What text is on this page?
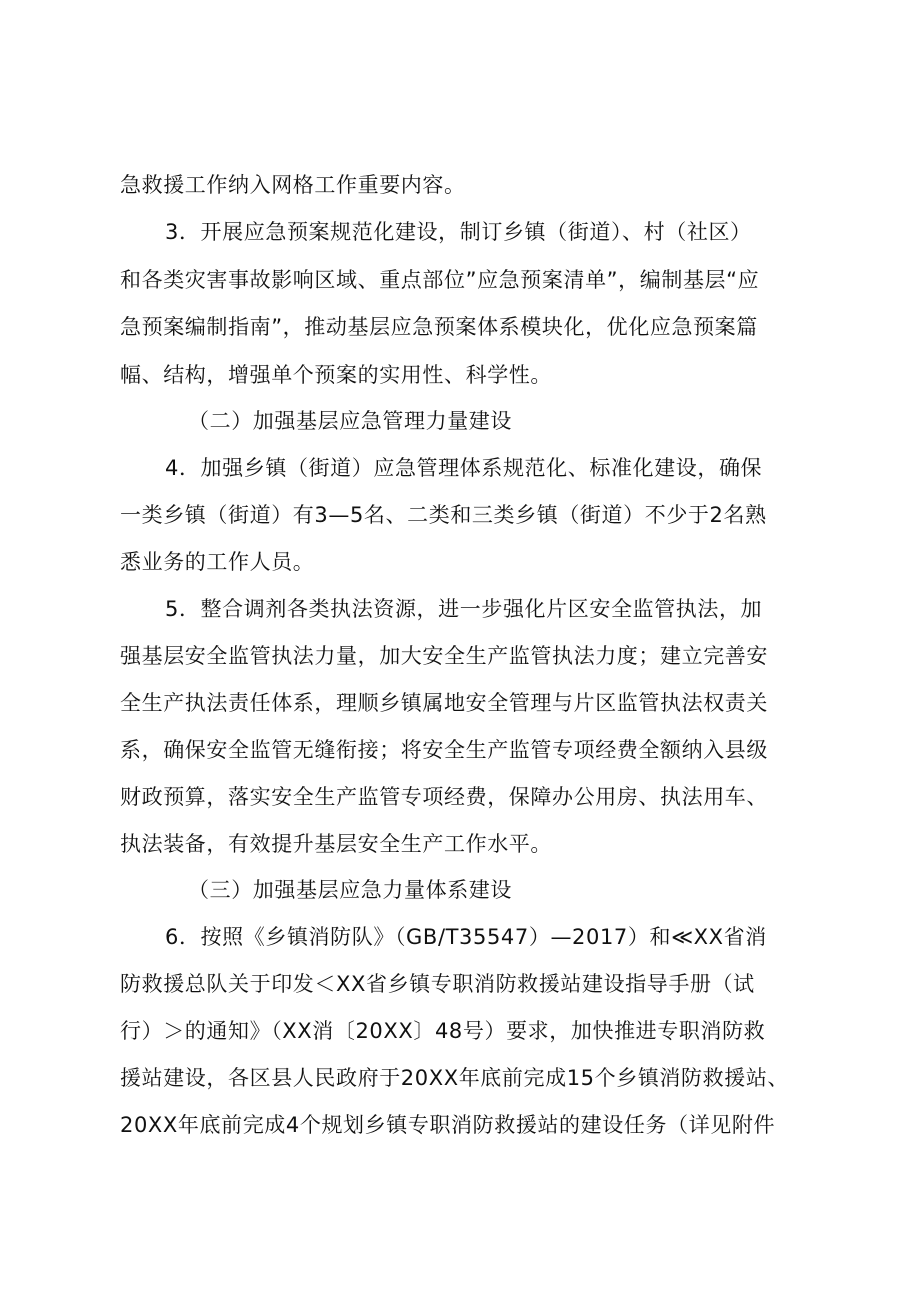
急救援工作纳入网格工作重要内容。
3．开展应急预案规范化建设，制订乡镇（街道）、村（社区）
和各类灾害事故影响区域、重点部位”应急预案清单”，编制基层“应
急预案编制指南”，推动基层应急预案体系模块化，优化应急预案篇
幅、结构，增强单个预案的实用性、科学性。
（二）加强基层应急管理力量建设
4．加强乡镇（街道）应急管理体系规范化、标准化建设，确保
一类乡镇（街道）有3—5名、二类和三类乡镇（街道）不少于2名熟
悉业务的工作人员。
5．整合调剂各类执法资源，进一步强化片区安全监管执法，加
强基层安全监管执法力量，加大安全生产监管执法力度；建立完善安
全生产执法责任体系，理顺乡镇属地安全管理与片区监管执法权责关
系，确保安全监管无缝衔接；将安全生产监管专项经费全额纳入县级
财政预算，落实安全生产监管专项经费，保障办公用房、执法用车、
执法装备，有效提升基层安全生产工作水平。
（三）加强基层应急力量体系建设
6．按照《乡镇消防队》（GB/T35547）—2017）和≪XX省消
防救援总队关于印发＜XX省乡镇专职消防救援站建设指导手册（试
行）＞的通知》（XX消〔20XX〕48号）要求，加快推进专职消防救
援站建设，各区县人民政府于20XX年底前完成15个乡镇消防救援站、
20XX年底前完成4个规划乡镇专职消防救援站的建设任务（详见附件
